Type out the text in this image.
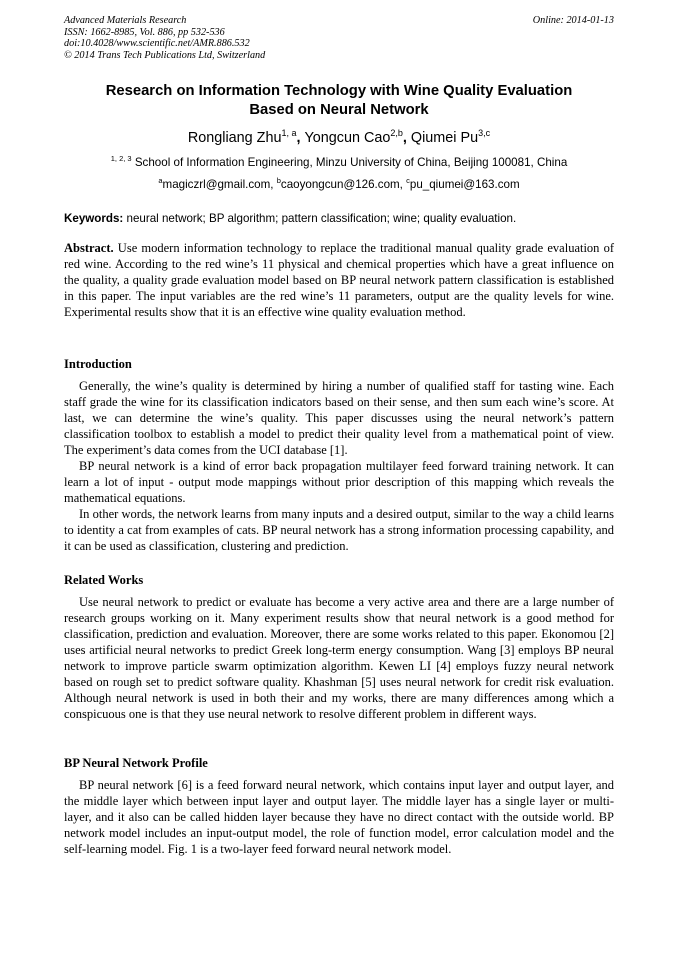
Advanced Materials Research
ISSN: 1662-8985, Vol. 886, pp 532-536
doi:10.4028/www.scientific.net/AMR.886.532
© 2014 Trans Tech Publications Ltd, Switzerland
Online: 2014-01-13
Research on Information Technology with Wine Quality Evaluation
Based on Neural Network
Rongliang Zhu$^{1, a}$, Yongcun Cao$^{2,b}$, Qiumei Pu$^{3,c}$
$^{1, 2, 3}$ School of Information Engineering, Minzu University of China, Beijing 100081, China
$^a$magiczrl@gmail.com, $^b$caoyongcun@126.com, $^c$pu_qiumei@163.com
Keywords: neural network; BP algorithm; pattern classification; wine; quality evaluation.

Abstract. Use modern information technology to replace the traditional manual quality grade evaluation of red wine. According to the red wine’s 11 physical and chemical properties which have a great influence on the quality, a quality grade evaluation model based on BP neural network pattern classification is established in this paper. The input variables are the red wine’s 11 parameters, output are the quality levels for wine. Experimental results show that it is an effective wine quality evaluation method.

Introduction

Generally, the wine’s quality is determined by hiring a number of qualified staff for tasting wine. Each staff grade the wine for its classification indicators based on their sense, and then sum each wine’s score. At last, we can determine the wine’s quality. This paper discusses using the neural network’s pattern classification toolbox to establish a model to predict their quality level from a mathematical point of view. The experiment’s data comes from the UCI database [1].

BP neural network is a kind of error back propagation multilayer feed forward training network. It can learn a lot of input - output mode mappings without prior description of this mapping which reveals the mathematical equations.

In other words, the network learns from many inputs and a desired output, similar to the way a child learns to identity a cat from examples of cats. BP neural network has a strong information processing capability, and it can be used as classification, clustering and prediction.

Related Works

Use neural network to predict or evaluate has become a very active area and there are a large number of research groups working on it. Many experiment results show that neural network is a good method for classification, prediction and evaluation. Moreover, there are some works related to this paper. Ekonomou [2] uses artificial neural networks to predict Greek long-term energy consumption. Wang [3] employs BP neural network to improve particle swarm optimization algorithm. Kewen LI [4] employs fuzzy neural network based on rough set to predict software quality. Khashman [5] uses neural network for credit risk evaluation. Although neural network is used in both their and my works, there are many differences among which a conspicuous one is that they use neural network to resolve different problem in different ways.

BP Neural Network Profile

BP neural network [6] is a feed forward neural network, which contains input layer and output layer, and the middle layer which between input layer and output layer. The middle layer has a single layer or multi-layer, and it also can be called hidden layer because they have no direct contact with the outside world. BP network model includes an input-output model, the role of function model, error calculation model and the self-learning model. Fig. 1 is a two-layer feed forward neural network model.
